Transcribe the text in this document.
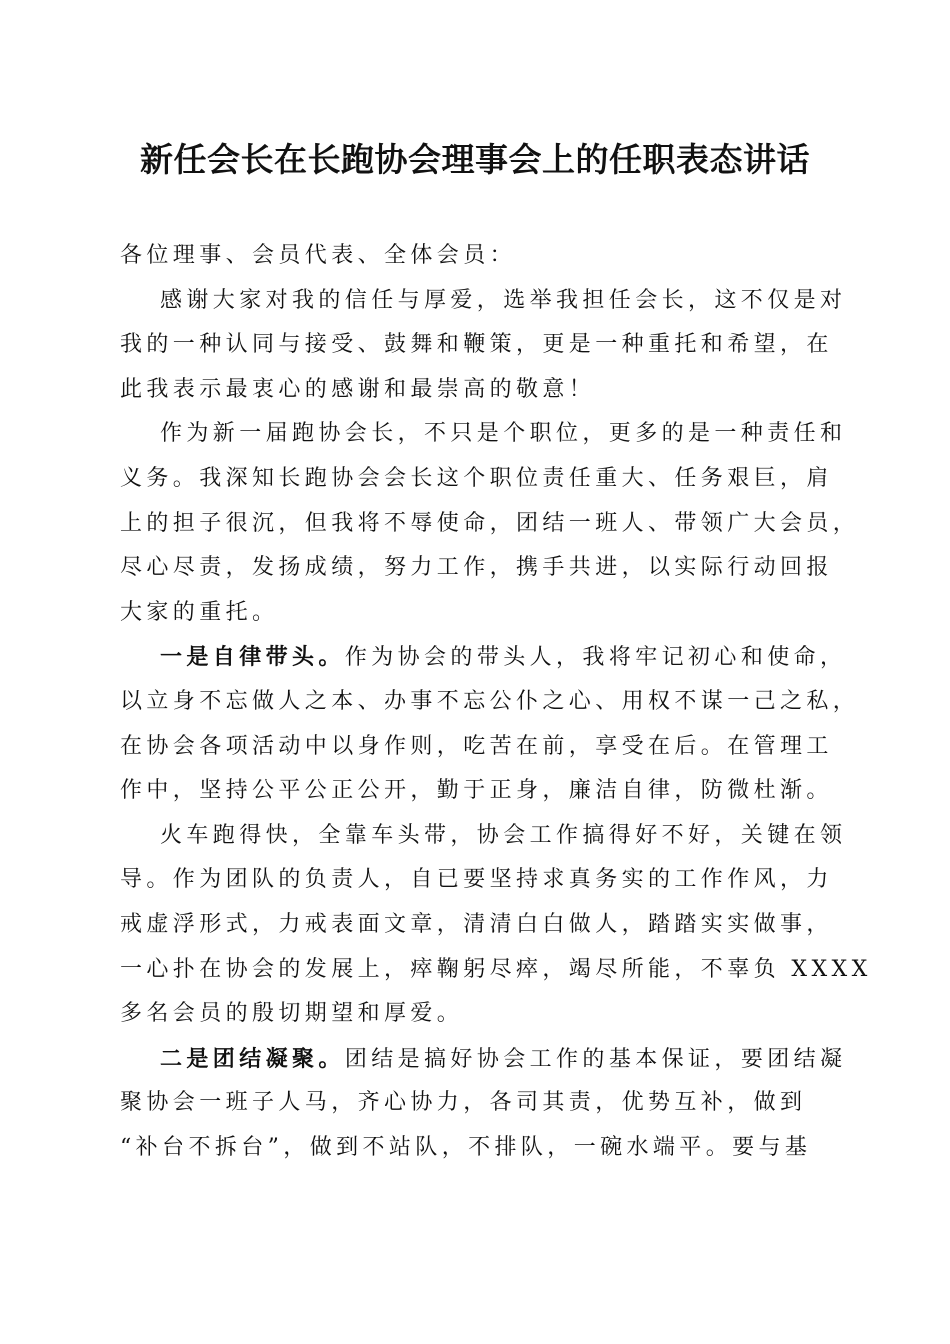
新任会长在长跑协会理事会上的任职表态讲话
各位理事、会员代表、全体会员：
感谢大家对我的信任与厚爱，选举我担任会长，这不仅是对
我的一种认同与接受、鼓舞和鞭策，更是一种重托和希望，在
此我表示最衷心的感谢和最崇高的敬意！
作为新一届跑协会长，不只是个职位，更多的是一种责任和
义务。我深知长跑协会会长这个职位责任重大、任务艰巨，肩
上的担子很沉，但我将不辱使命，团结一班人、带领广大会员，
尽心尽责，发扬成绩，努力工作，携手共进，以实际行动回报
大家的重托。
一是自律带头。作为协会的带头人，我将牢记初心和使命，
以立身不忘做人之本、办事不忘公仆之心、用权不谋一己之私，
在协会各项活动中以身作则，吃苦在前，享受在后。在管理工
作中，坚持公平公正公开，勤于正身，廉洁自律，防微杜渐。
火车跑得快，全靠车头带，协会工作搞得好不好，关键在领
导。作为团队的负责人，自已要坚持求真务实的工作作风，力
戒虚浮形式，力戒表面文章，清清白白做人，踏踏实实做事，
一心扑在协会的发展上，瘁鞠躬尽瘁，竭尽所能，不辜负 XXXX
多名会员的殷切期望和厚爱。
二是团结凝聚。团结是搞好协会工作的基本保证，要团结凝
聚协会一班子人马，齐心协力，各司其责，优势互补，做到
“补台不拆台”，做到不站队，不排队，一碗水端平。要与基
